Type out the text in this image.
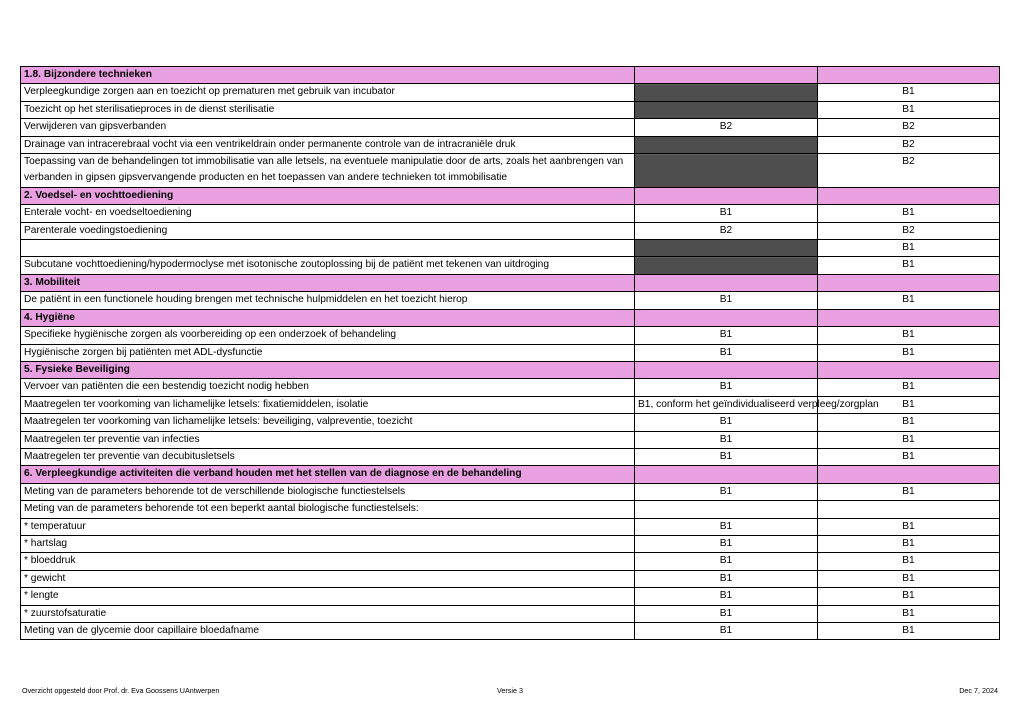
1.8. Bijzondere technieken		
Verpleegkundige zorgen aan en toezicht op prematuren met gebruik van incubator		B1
Toezicht op het sterilisatieproces in de dienst sterilisatie		B1
Verwijderen van gipsverbanden	B2	B2
Drainage van intracerebraal vocht via een ventrikeldrain onder permanente controle van de intracraniële druk		B2
Toepassing van de behandelingen tot immobilisatie van alle letsels, na eventuele manipulatie door de arts, zoals het aanbrengen van verbanden in gipsen gipsvervangende producten en het toepassen van andere technieken tot immobilisatie		B2
2. Voedsel- en vochttoediening		
Enterale vocht- en voedseltoediening	B1	B1
Parenterale voedingstoediening	B2	B2
		B1
Subcutane vochttoediening/hypodermoclyse met isotonische zoutoplossing bij de patiënt met tekenen van uitdroging		B1
3. Mobiliteit		
De patiënt in een functionele houding brengen met technische hulpmiddelen en het toezicht hierop	B1	B1
4. Hygiëne		
Specifieke hygiënische zorgen als voorbereiding op een onderzoek of behandeling	B1	B1
Hygiënische zorgen bij patiënten met ADL-dysfunctie	B1	B1
5. Fysieke Beveiliging		
Vervoer van patiënten die een bestendig toezicht nodig hebben	B1	B1
Maatregelen ter voorkoming van lichamelijke letsels: fixatiemiddelen, isolatie	B1, conform het geïndividualiseerd verpleeg/zorgplan	B1
Maatregelen ter voorkoming van lichamelijke letsels: beveiliging, valpreventie, toezicht	B1	B1
Maatregelen ter preventie van infecties	B1	B1
Maatregelen ter preventie van decubitusletsels	B1	B1
6. Verpleegkundige activiteiten die verband houden met het stellen van de diagnose en de behandeling		
Meting van de parameters behorende tot de verschillende biologische functiestelsels	B1	B1
Meting van de parameters behorende tot een beperkt aantal biologische functiestelsels:		
* temperatuur	B1	B1
* hartslag	B1	B1
* bloeddruk	B1	B1
* gewicht	B1	B1
* lengte	B1	B1
* zuurstofsaturatie	B1	B1
Meting van de glycemie door capillaire bloedafname	B1	B1
Overzicht opgesteld door Prof. dr. Eva Goossens UAntwerpen	Versie 3	Dec 7, 2024
